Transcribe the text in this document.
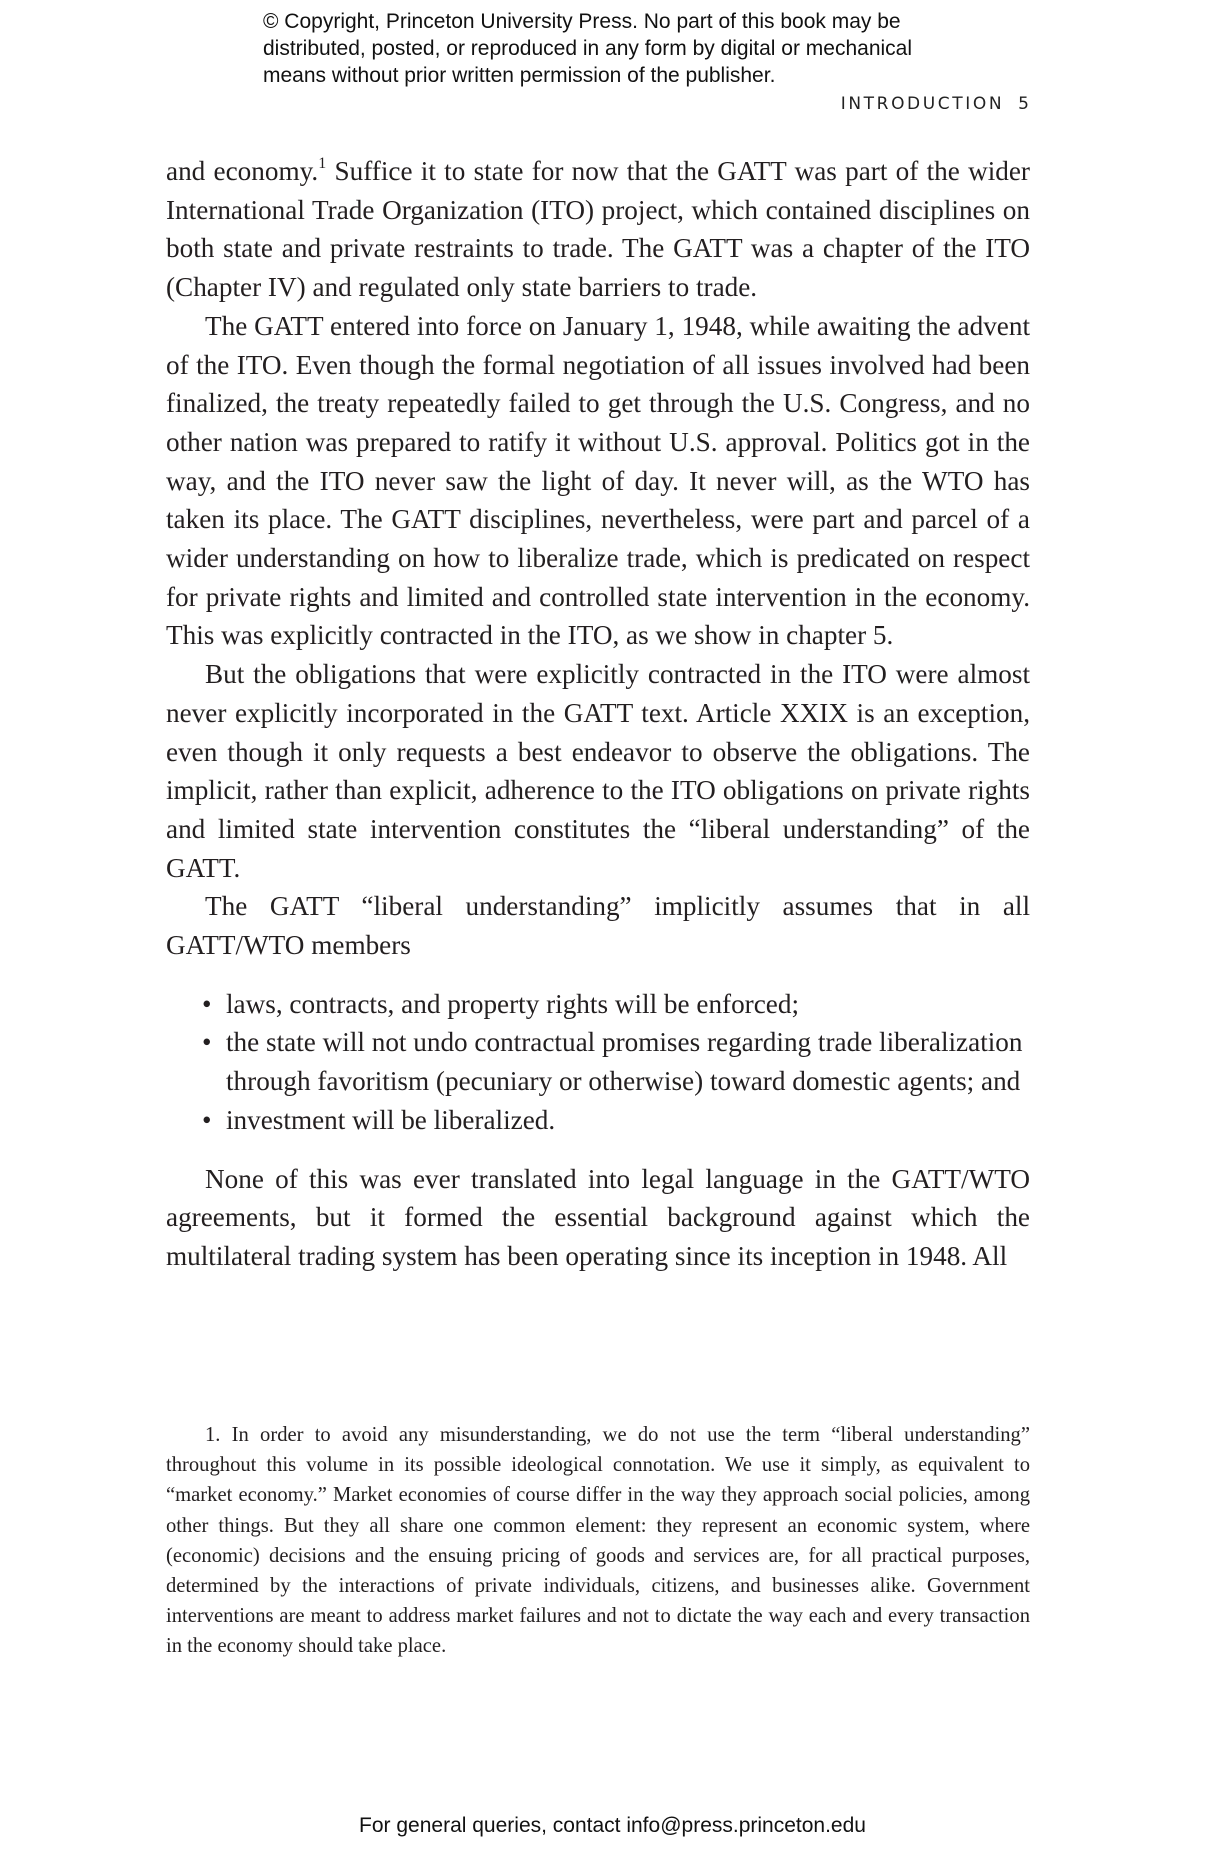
© Copyright, Princeton University Press. No part of this book may be
distributed, posted, or reproduced in any form by digital or mechanical
means without prior written permission of the publisher.
INTRODUCTION 5

and economy.$^1$ Suffice it to state for now that the GATT was part of the wider International Trade Organization (ITO) project, which contained disciplines on both state and private restraints to trade. The GATT was a chapter of the ITO (Chapter IV) and regulated only state barriers to trade.

The GATT entered into force on January 1, 1948, while awaiting the advent of the ITO. Even though the formal negotiation of all issues involved had been finalized, the treaty repeatedly failed to get through the U.S. Congress, and no other nation was prepared to ratify it without U.S. approval. Politics got in the way, and the ITO never saw the light of day. It never will, as the WTO has taken its place. The GATT disciplines, nevertheless, were part and parcel of a wider understanding on how to liberalize trade, which is predicated on respect for private rights and limited and controlled state intervention in the economy. This was explicitly contracted in the ITO, as we show in chapter 5.

But the obligations that were explicitly contracted in the ITO were almost never explicitly incorporated in the GATT text. Article XXIX is an exception, even though it only requests a best endeavor to observe the obligations. The implicit, rather than explicit, adherence to the ITO obligations on private rights and limited state intervention constitutes the “liberal understanding” of the GATT.

The GATT “liberal understanding” implicitly assumes that in all GATT/WTO members

• laws, contracts, and property rights will be enforced;
• the state will not undo contractual promises regarding trade liberalization through favoritism (pecuniary or otherwise) toward domestic agents; and
• investment will be liberalized.

None of this was ever translated into legal language in the GATT/WTO agreements, but it formed the essential background against which the multilateral trading system has been operating since its inception in 1948. All

1. In order to avoid any misunderstanding, we do not use the term “liberal understanding” throughout this volume in its possible ideological connotation. We use it simply, as equivalent to “market economy.” Market economies of course differ in the way they approach social policies, among other things. But they all share one common element: they represent an economic system, where (economic) decisions and the ensuing pricing of goods and services are, for all practical purposes, determined by the interactions of private individuals, citizens, and businesses alike. Government interventions are meant to address market failures and not to dictate the way each and every transaction in the economy should take place.

For general queries, contact info@press.princeton.edu
